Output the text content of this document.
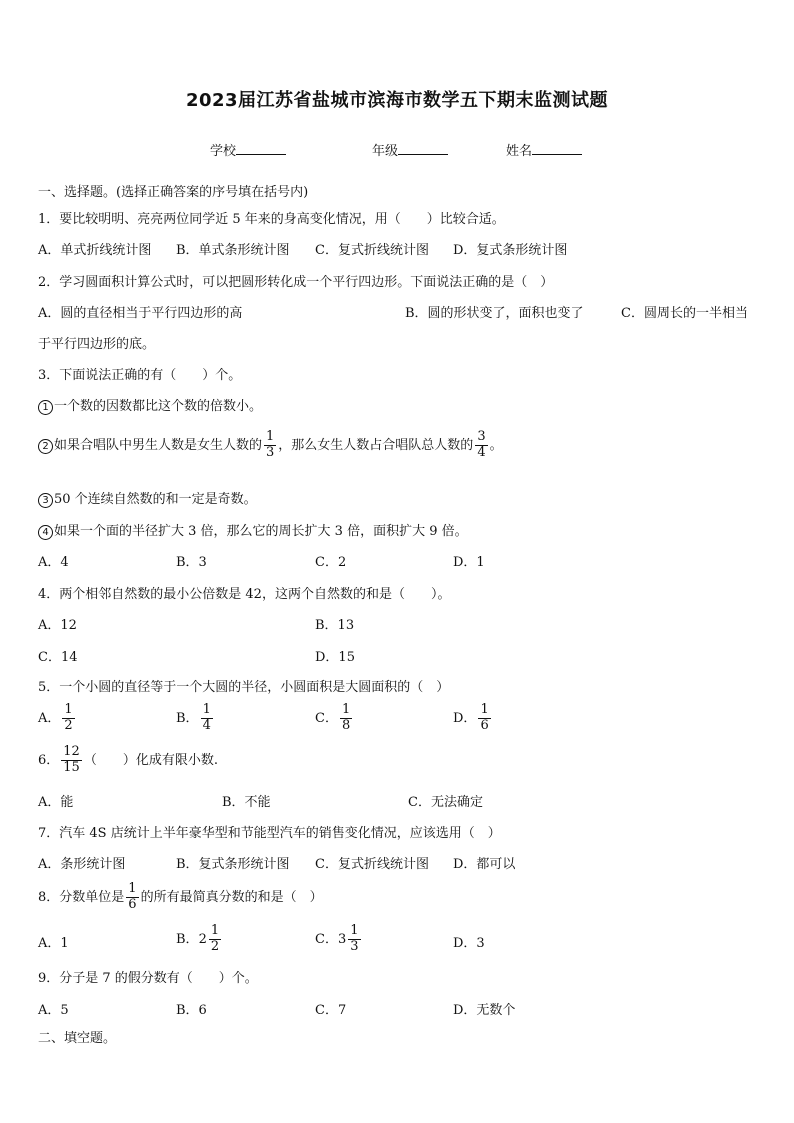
2023届江苏省盐城市滨海市数学五下期末监测试题
学校	年级	姓名
一、选择题。(选择正确答案的序号填在括号内)
1．要比较明明、亮亮两位同学近 5 年来的身高变化情况，用（　　）比较合适。
A．单式折线统计图 B．单式条形统计图 C．复式折线统计图 D．复式条形统计图
2．学习圆面积计算公式时，可以把圆形转化成一个平行四边形。下面说法正确的是（　）
A．圆的直径相当于平行四边形的高	B．圆的形状变了，面积也变了	C．圆周长的一半相当
于平行四边形的底。
3．下面说法正确的有（　　）个。
1 一个数的因数都比这个数的倍数小。
2 如果合唱队中男生人数是女生人数的 $\frac{1}{3}$ ，那么女生人数占合唱队总人数的 $\frac{3}{4}$ 。
3 50 个连续自然数的和一定是奇数。
4 如果一个面的半径扩大 3 倍，那么它的周长扩大 3 倍，面积扩大 9 倍。
A．4	B．3	C．2	D．1
4．两个相邻自然数的最小公倍数是 42，这两个自然数的和是（　　）。
A．12	B．13
C．14	D．15
5．一个小圆的直径等于一个大圆的半径，小圆面积是大圆面积的（　）
A． $\frac{1}{2}$	B． $\frac{1}{4}$	C． $\frac{1}{8}$	D． $\frac{1}{6}$
6． $\frac{12}{15}$ （　　）化成有限小数.
A．能	B．不能	C．无法确定
7．汽车 4S 店统计上半年豪华型和节能型汽车的销售变化情况，应该选用（　）
A．条形统计图	B．复式条形统计图 C．复式折线统计图 D．都可以
8．分数单位是 $\frac{1}{6}$ 的所有最简真分数的和是（　）
A．1	B． $2 \frac{1}{2}$	C． $3 \frac{1}{3}$	D．3
9．分子是 7 的假分数有（　　）个。
A．5	B．6	C．7	D．无数个
二、填空题。
